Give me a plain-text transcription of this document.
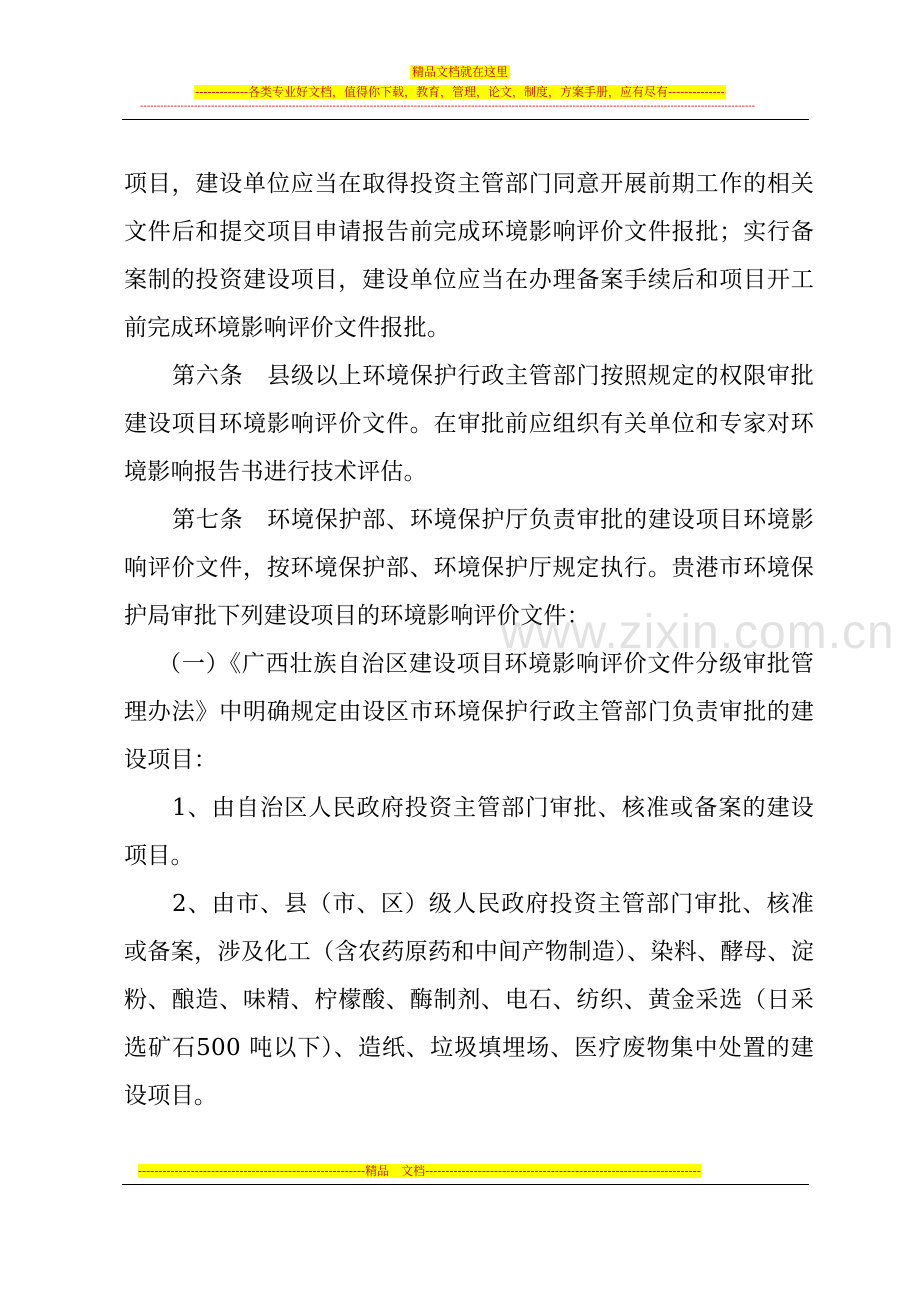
精品文档就在这里
-------------各类专业好文档，值得你下载，教育，管理，论文，制度，方案手册，应有尽有--------------
--------------------------------------------------------------------------------------------------------------------------------------------------------------------------------------

项目，建设单位应当在取得投资主管部门同意开展前期工作的相关文件后和提交项目申请报告前完成环境影响评价文件报批；实行备案制的投资建设项目，建设单位应当在办理备案手续后和项目开工前完成环境影响评价文件报批。

第六条　县级以上环境保护行政主管部门按照规定的权限审批建设项目环境影响评价文件。在审批前应组织有关单位和专家对环境影响报告书进行技术评估。

第七条　环境保护部、环境保护厅负责审批的建设项目环境影响评价文件，按环境保护部、环境保护厅规定执行。贵港市环境保护局审批下列建设项目的环境影响评价文件：

（一）《广西壮族自治区建设项目环境影响评价文件分级审批管理办法》中明确规定由设区市环境保护行政主管部门负责审批的建设项目：

1、由自治区人民政府投资主管部门审批、核准或备案的建设项目。

2、由市、县（市、区）级人民政府投资主管部门审批、核准或备案，涉及化工（含农药原药和中间产物制造）、染料、酵母、淀粉、酿造、味精、柠檬酸、酶制剂、电石、纺织、黄金采选（日采选矿石500 吨以下）、造纸、垃圾填埋场、医疗废物集中处置的建设项目。

www.zixin.com.cn
--------------------------------------------------------精品　文档--------------------------------------------------------------------
